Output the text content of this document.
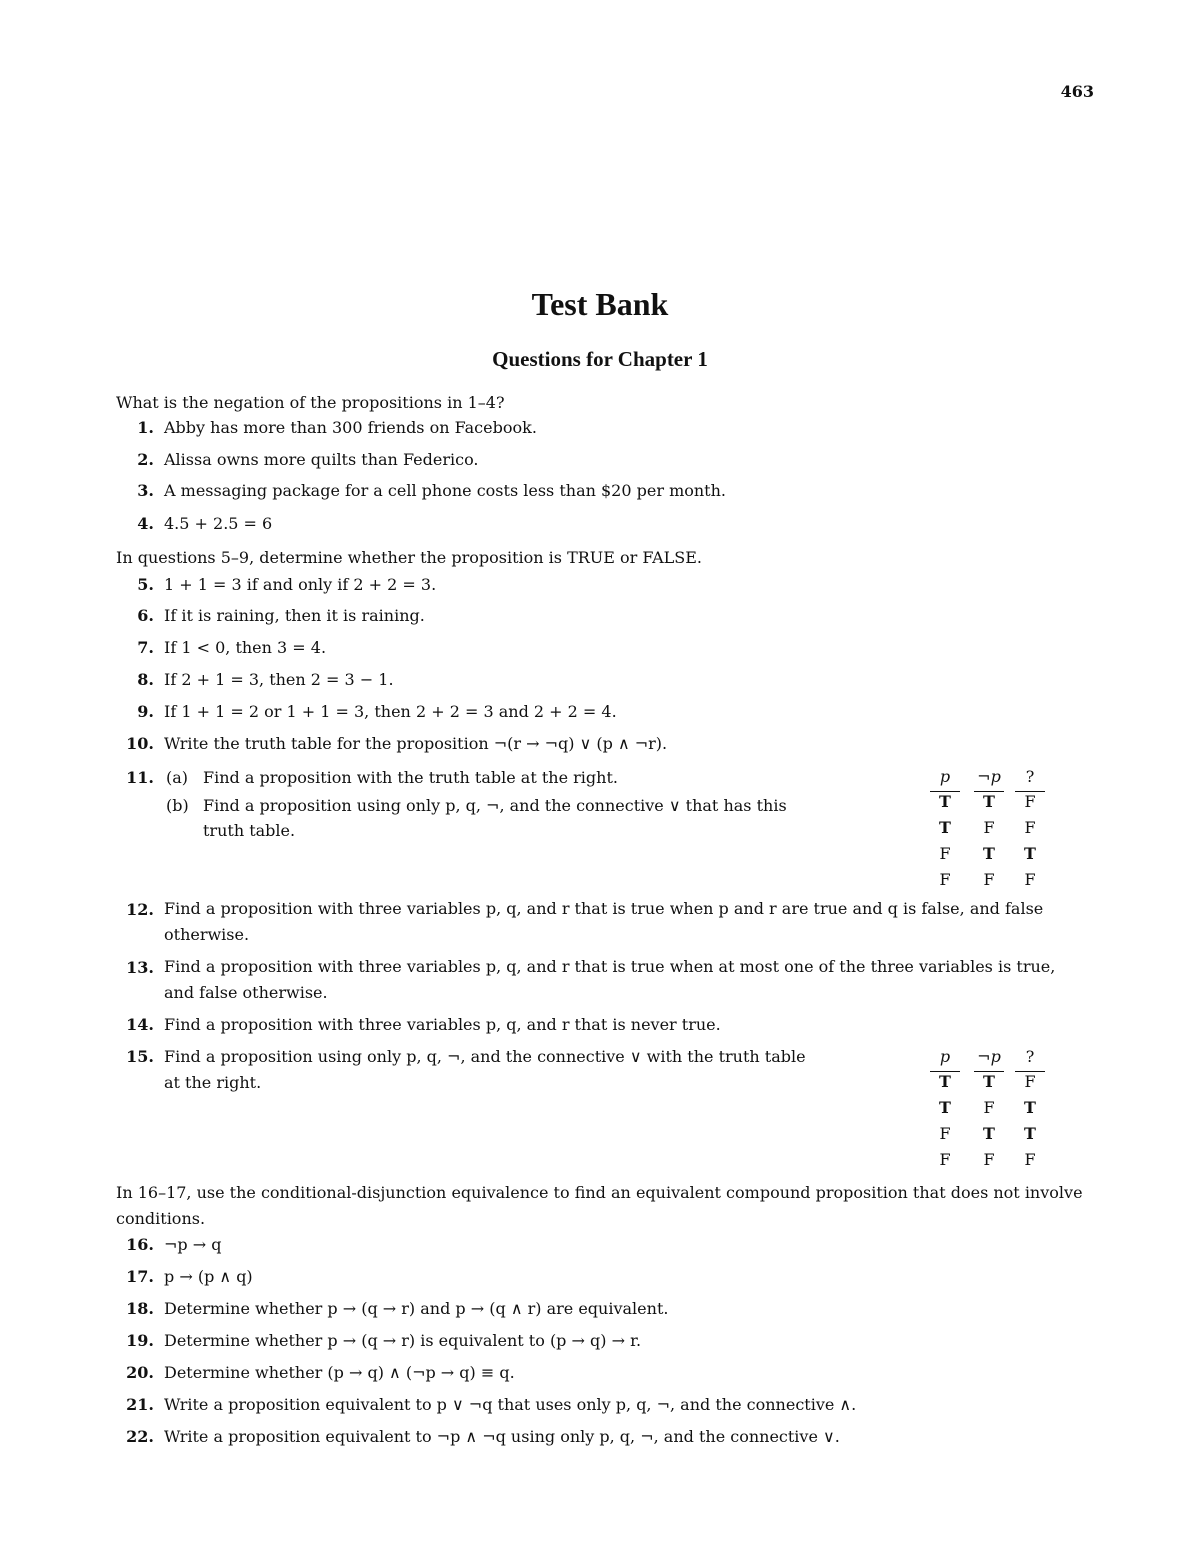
463
Test Bank
Questions for Chapter 1
What is the negation of the propositions in 1–4?
1. Abby has more than 300 friends on Facebook.
2. Alissa owns more quilts than Federico.
3. A messaging package for a cell phone costs less than $20 per month.
4. 4.5 + 2.5 = 6
In questions 5–9, determine whether the proposition is TRUE or FALSE.
5. 1 + 1 = 3 if and only if 2 + 2 = 3.
6. If it is raining, then it is raining.
7. If 1 < 0, then 3 = 4.
8. If 2 + 1 = 3, then 2 = 3 − 1.
9. If 1 + 1 = 2 or 1 + 1 = 3, then 2 + 2 = 3 and 2 + 2 = 4.
10. Write the truth table for the proposition ¬(r → ¬q) ∨ (p ∧ ¬r).
11. (a) Find a proposition with the truth table at the right.
(b) Find a proposition using only p, q, ¬, and the connective ∨ that has this
truth table.
p	¬p	?
T	T	F
T	F	F
F	T	T
F	F	F
12. Find a proposition with three variables p, q, and r that is true when p and r are true and q is false, and false otherwise.
13. Find a proposition with three variables p, q, and r that is true when at most one of the three variables is true, and false otherwise.
14. Find a proposition with three variables p, q, and r that is never true.
15. Find a proposition using only p, q, ¬, and the connective ∨ with the truth table
at the right.
p	¬p	?
T	T	F
T	F	T
F	T	T
F	F	F
In 16–17, use the conditional-disjunction equivalence to find an equivalent compound proposition that does not involve conditions.
16. ¬p → q
17. p → (p ∧ q)
18. Determine whether p → (q → r) and p → (q ∧ r) are equivalent.
19. Determine whether p → (q → r) is equivalent to (p → q) → r.
20. Determine whether (p → q) ∧ (¬p → q) ≡ q.
21. Write a proposition equivalent to p ∨ ¬q that uses only p, q, ¬, and the connective ∧.
22. Write a proposition equivalent to ¬p ∧ ¬q using only p, q, ¬, and the connective ∨.
